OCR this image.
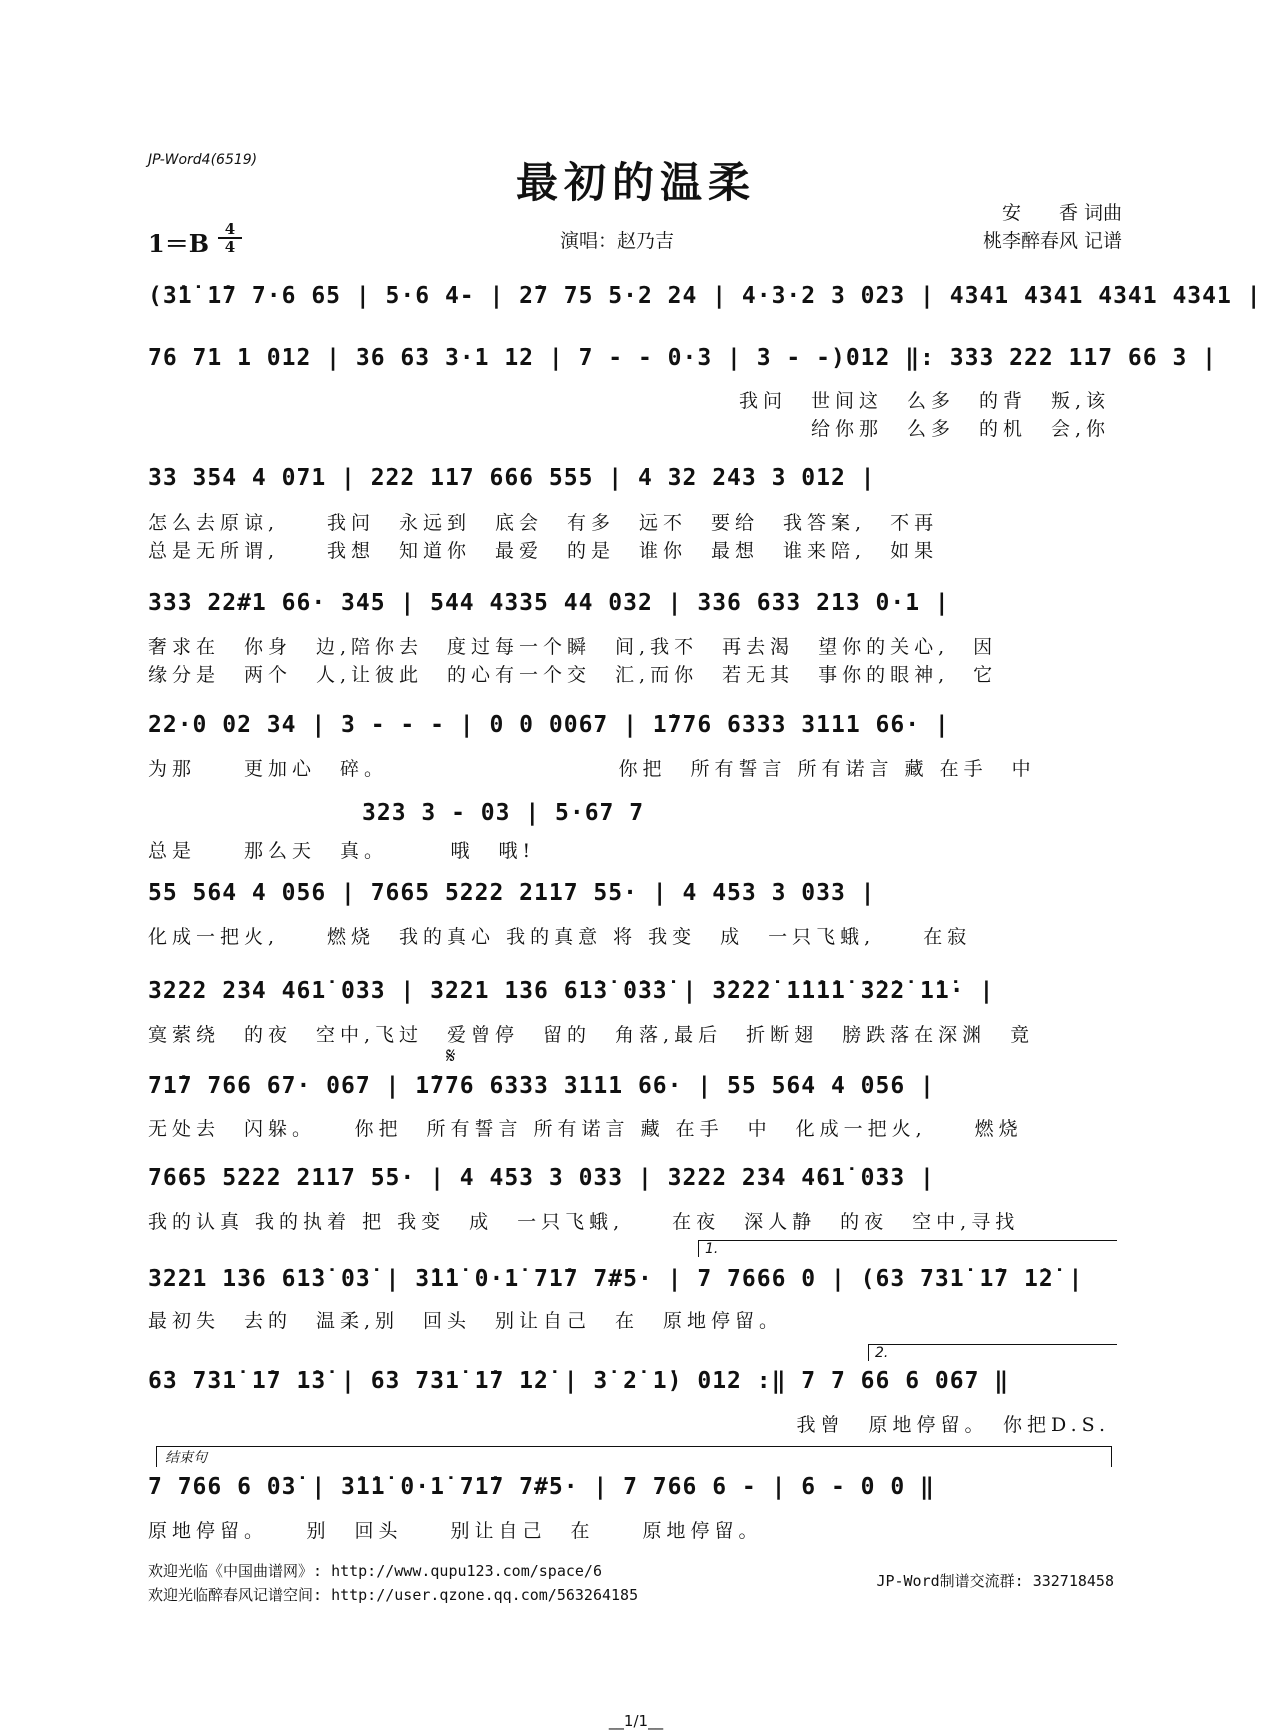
JP-Word4(6519)	最初的温柔
1＝B	4
4	演唱：赵乃吉
安　　香 词曲
桃李醉春风 记谱
(3̇1̇ 1̇7 7·6 65 | 5·6 4- | 2̇7 75 5·2 24 | 4·3·2 3 023 | 4341 4341 4341 4341 |
76 71 1 012 | 36 63 3·1 12 | 7 - - 0·3 | 3 - -)012 ‖: 333 222 117 66 3 |
我问　世间这　么多　的背　叛,该
给你那　么多　的机　会,你
33 354 4 071 | 222 117 666 555 | 4 32 243 3 012 |
怎么去原谅,　　我问　永远到　底会　有多　远不　要给　我答案,　不再
总是无所谓,　　我想　知道你　最爱　的是　谁你　最想　谁来陪,　如果
333 22#1 66· 345 | 544 4335 44 032 | 336 633 213 0·1 |
奢求在　你身　边,陪你去　度过每一个瞬　间,我不　再去渴　望你的关心,　因
缘分是　两个　人,让彼此　的心有一个交　汇,而你　若无其　事你的眼神,　它
22·0 02 34 | 3 - - - | 0 0 0067 | 1̇776 6333 3111 66· |
为那　　更加心　碎。　　　　　　　　　　你把　所有誓言 所有诺言 藏 在手　中
323 3 - 03 | 5·67 7
总是　　那么天　真。　　　哦　哦!
55 564 4 056 | 7665 5222 2117 55· | 4 453 3 033 |
化成一把火,　　燃烧　我的真心 我的真意 将 我变　成　一只飞蛾,　　在寂
3222 234 461̇ 033 | 3221 136 61̇3̇ 0̇3̇3̇ | 3̇2̇2̇2̇ 1̇1̇1̇1̇ 3̇2̇2̇ 1̇1̇· |
寞萦绕　的夜　空中,飞过　爱曾停　留的　角落,最后　折断翅　膀跌落在深渊　竟
𝄋
71̇7 766 67· 067 | 1̇776 6333 3111 66· | 55 564 4 056 |
无处去　闪躲。　　你把　所有誓言 所有诺言 藏 在手　中　化成一把火,　　燃烧
7665 5222 2117 55· | 4 453 3 033 | 3222 234 461̇ 033 |
我的认真 我的执着 把 我变　成　一只飞蛾,　　在夜　深人静　的夜　空中,寻找
1.
3221 136 61̇3̇ 03̇ | 3̇1̇1̇ 0·1̇ 71̇7 7#5· | 7 7666 0 | (63 731̇ 1̇7 1̇2̇ |
最初失　去的　温柔,别　回头　别让自己　在　原地停留。
2.
63 731̇ 1̇7 1̇3̇ | 63 731̇ 1̇7 1̇2̇ | 3̇ 2̇ 1̇) 012 :‖ 7 7 66 6 067 ‖
我曾　原地停留。　你把D.S.
结束句
7 766 6 03̇ | 3̇1̇1̇ 0·1̇ 71̇7 7#5· | 7 766 6 - | 6 - 0 0 ‖
原地停留。　　别　回头　　别让自己　在　　原地停留。
欢迎光临《中国曲谱网》: http://www.qupu123.com/space/6
欢迎光临醉春风记谱空间: http://user.qzone.qq.com/563264185
JP-Word制谱交流群: 332718458
__1/1__
